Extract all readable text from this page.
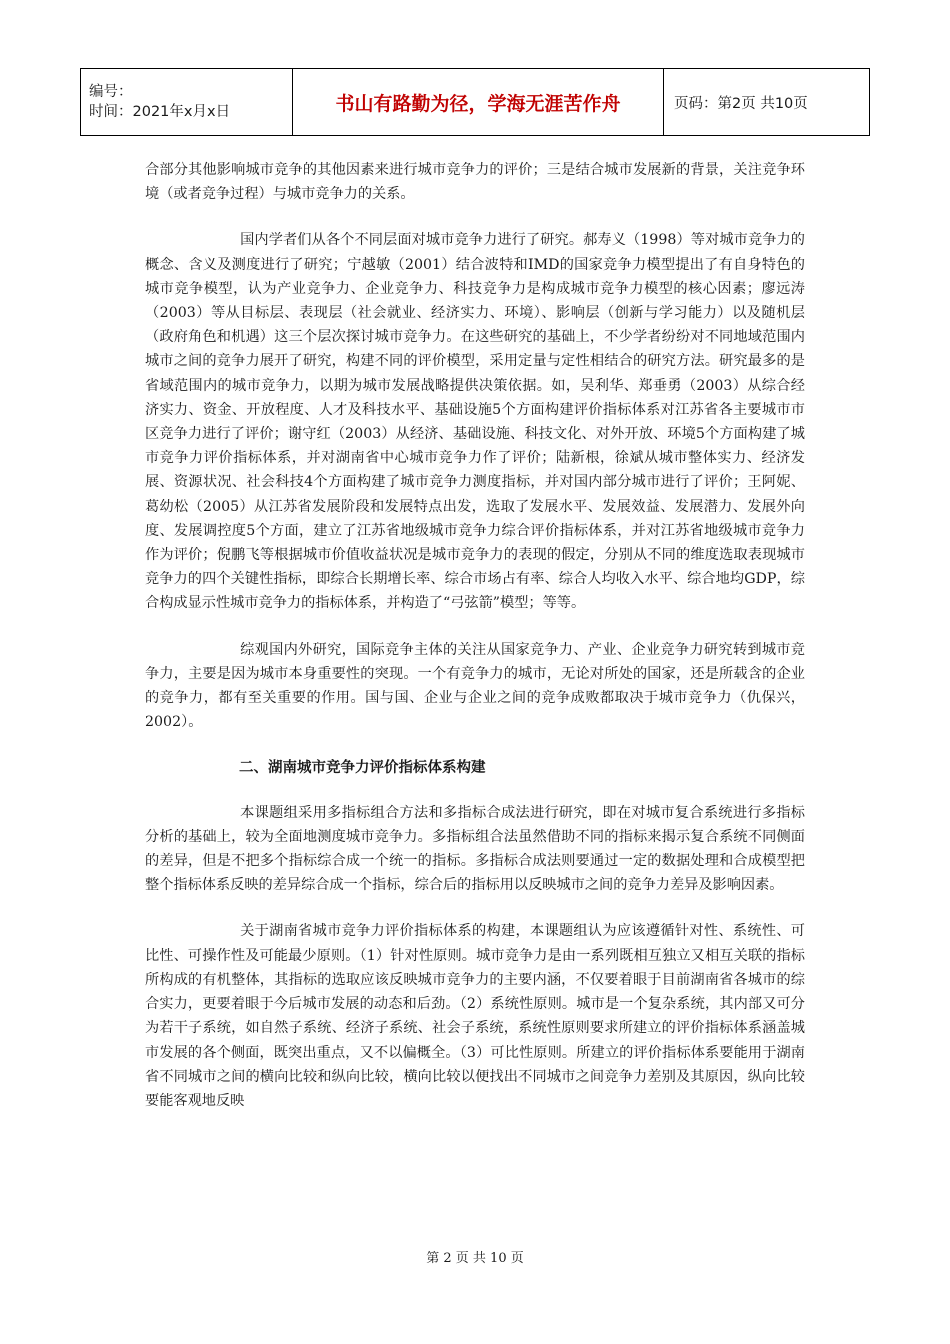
编号：
时间：2021年x月x日	书山有路勤为径，学海无涯苦作舟	页码：第2页 共10页

合部分其他影响城市竞争的其他因素来进行城市竞争力的评价；三是结合城市发展新的背景，关注竞争环境（或者竞争过程）与城市竞争力的关系。

国内学者们从各个不同层面对城市竞争力进行了研究。郝寿义（1998）等对城市竞争力的概念、含义及测度进行了研究；宁越敏（2001）结合波特和IMD的国家竞争力模型提出了有自身特色的城市竞争模型，认为产业竞争力、企业竞争力、科技竞争力是构成城市竞争力模型的核心因素；廖远涛（2003）等从目标层、表现层（社会就业、经济实力、环境）、影响层（创新与学习能力）以及随机层（政府角色和机遇）这三个层次探讨城市竞争力。在这些研究的基础上，不少学者纷纷对不同地域范围内城市之间的竞争力展开了研究，构建不同的评价模型，采用定量与定性相结合的研究方法。研究最多的是省域范围内的城市竞争力，以期为城市发展战略提供决策依据。如，吴利华、郑垂勇（2003）从综合经济实力、资金、开放程度、人才及科技水平、基础设施5个方面构建评价指标体系对江苏省各主要城市市区竞争力进行了评价；谢守红（2003）从经济、基础设施、科技文化、对外开放、环境5个方面构建了城市竞争力评价指标体系，并对湖南省中心城市竞争力作了评价；陆新根，徐斌从城市整体实力、经济发展、资源状况、社会科技4个方面构建了城市竞争力测度指标，并对国内部分城市进行了评价；王阿妮、葛幼松（2005）从江苏省发展阶段和发展特点出发，选取了发展水平、发展效益、发展潜力、发展外向度、发展调控度5个方面，建立了江苏省地级城市竞争力综合评价指标体系，并对江苏省地级城市竞争力作为评价；倪鹏飞等根据城市价值收益状况是城市竞争力的表现的假定，分别从不同的维度选取表现城市竞争力的四个关键性指标，即综合长期增长率、综合市场占有率、综合人均收入水平、综合地均GDP，综合构成显示性城市竞争力的指标体系，并构造了“弓弦箭”模型；等等。

综观国内外研究，国际竞争主体的关注从国家竞争力、产业、企业竞争力研究转到城市竞争力，主要是因为城市本身重要性的突现。一个有竞争力的城市，无论对所处的国家，还是所载含的企业的竞争力，都有至关重要的作用。国与国、企业与企业之间的竞争成败都取决于城市竞争力（仇保兴，2002）。

二、湖南城市竞争力评价指标体系构建

本课题组采用多指标组合方法和多指标合成法进行研究，即在对城市复合系统进行多指标分析的基础上，较为全面地测度城市竞争力。多指标组合法虽然借助不同的指标来揭示复合系统不同侧面的差异，但是不把多个指标综合成一个统一的指标。多指标合成法则要通过一定的数据处理和合成模型把整个指标体系反映的差异综合成一个指标，综合后的指标用以反映城市之间的竞争力差异及影响因素。

关于湖南省城市竞争力评价指标体系的构建，本课题组认为应该遵循针对性、系统性、可比性、可操作性及可能最少原则。（1）针对性原则。城市竞争力是由一系列既相互独立又相互关联的指标所构成的有机整体，其指标的选取应该反映城市竞争力的主要内涵，不仅要着眼于目前湖南省各城市的综合实力，更要着眼于今后城市发展的动态和后劲。（2）系统性原则。城市是一个复杂系统，其内部又可分为若干子系统，如自然子系统、经济子系统、社会子系统，系统性原则要求所建立的评价指标体系涵盖城市发展的各个侧面，既突出重点，又不以偏概全。（3）可比性原则。所建立的评价指标体系要能用于湖南省不同城市之间的横向比较和纵向比较，横向比较以便找出不同城市之间竞争力差别及其原因，纵向比较要能客观地反映

第 2 页 共 10 页
